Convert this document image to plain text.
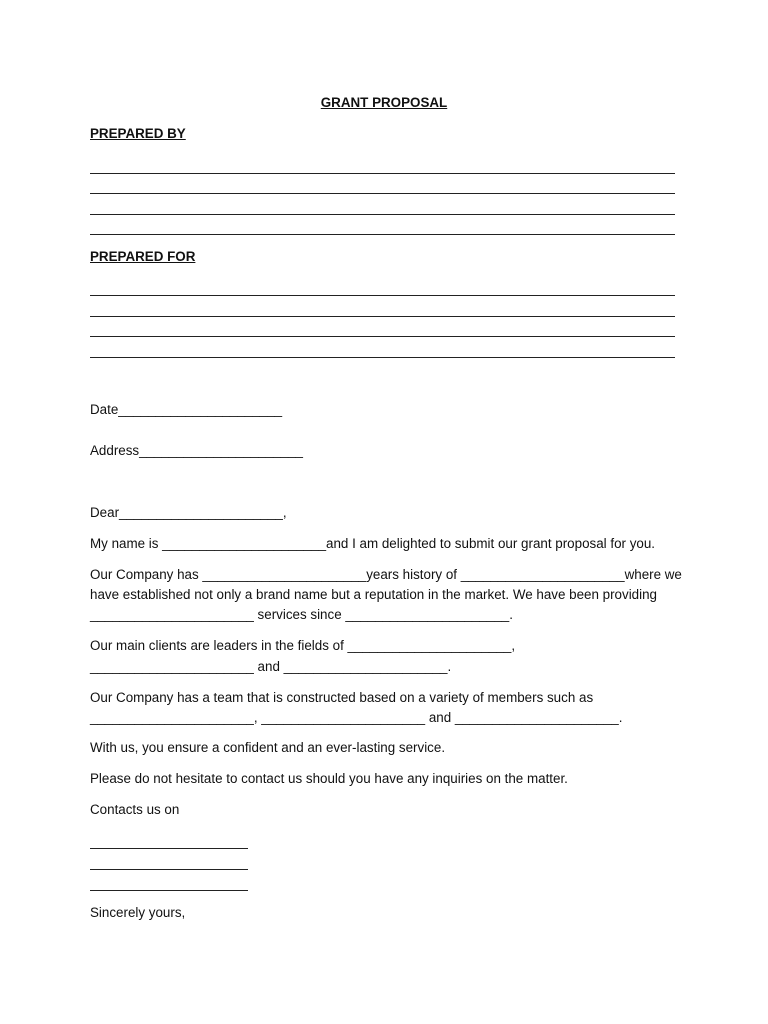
GRANT PROPOSAL
PREPARED BY
PREPARED FOR
Date______________________
Address______________________
Dear______________________,
My name is ______________________and I am delighted to submit our grant proposal for you.
Our Company has ______________________years history of ______________________where we
have established not only a brand name but a reputation in the market. We have been providing
______________________ services since ______________________.
Our main clients are leaders in the fields of ______________________,
______________________ and ______________________.
Our Company has a team that is constructed based on a variety of members such as
______________________, ______________________ and ______________________.
With us, you ensure a confident and an ever-lasting service.
Please do not hesitate to contact us should you have any inquiries on the matter.
Contacts us on
Sincerely yours,
